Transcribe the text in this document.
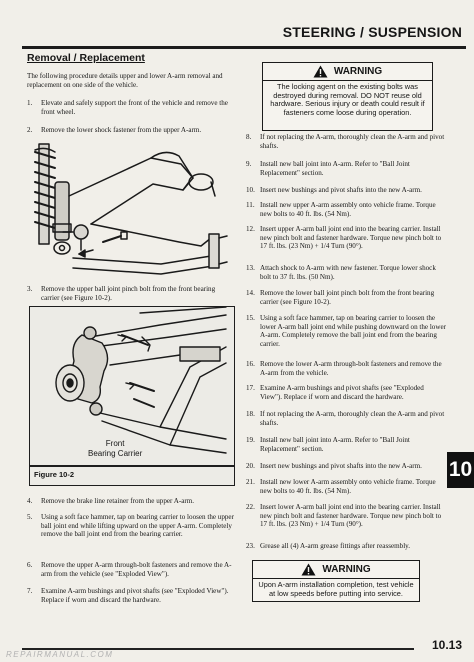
STEERING / SUSPENSION
Removal / Replacement
The following procedure details upper and lower A-arm removal and replacement on one side of the vehicle.
1. Elevate and safely support the front of the vehicle and remove the front wheel.
2. Remove the lower shock fastener from the upper A-arm.
3. Remove the upper ball joint pinch bolt from the front bearing carrier (see Figure 10-2).
Front
Bearing Carrier
Figure 10-2
4. Remove the brake line retainer from the upper A-arm.
5. Using a soft face hammer, tap on bearing carrier to loosen the upper ball joint end while lifting upward on the upper A-arm. Completely remove the ball joint end from the bearing carrier.
6. Remove the upper A-arm through-bolt fasteners and remove the A-arm from the vehicle (see "Exploded View").
7. Examine A-arm bushings and pivot shafts (see "Exploded View"). Replace if worn and discard the hardware.
WARNING
The locking agent on the existing bolts was destroyed during removal. DO NOT reuse old hardware. Serious injury or death could result if fasteners come loose during operation.
8. If not replacing the A-arm, thoroughly clean the A-arm and pivot shafts.
9. Install new ball joint into A-arm. Refer to "Ball Joint Replacement" section.
10. Insert new bushings and pivot shafts into the new A-arm.
11. Install new upper A-arm assembly onto vehicle frame. Torque new bolts to 40 ft. lbs. (54 Nm).
12. Insert upper A-arm ball joint end into the bearing carrier. Install new pinch bolt and fastener hardware. Torque new pinch bolt to 17 ft. lbs. (23 Nm) + 1/4 Turn (90°).
13. Attach shock to A-arm with new fastener. Torque lower shock bolt to 37 ft. lbs. (50 Nm).
14. Remove the lower ball joint pinch bolt from the front bearing carrier (see Figure 10-2).
15. Using a soft face hammer, tap on bearing carrier to loosen the lower A-arm ball joint end while pushing downward on the lower A-arm. Completely remove the ball joint end from the bearing carrier.
16. Remove the lower A-arm through-bolt fasteners and remove the A-arm from the vehicle.
17. Examine A-arm bushings and pivot shafts (see "Exploded View"). Replace if worn and discard the hardware.
18. If not replacing the A-arm, thoroughly clean the A-arm and pivot shafts.
19. Install new ball joint into A-arm. Refer to "Ball Joint Replacement" section.
20. Insert new bushings and pivot shafts into the new A-arm.
21. Install new lower A-arm assembly onto vehicle frame. Torque new bolts to 40 ft. lbs. (54 Nm).
22. Insert lower A-arm ball joint end into the bearing carrier. Install new pinch bolt and fastener hardware. Torque new pinch bolt to 17 ft. lbs. (23 Nm) + 1/4 Turn (90°).
23. Grease all (4) A-arm grease fittings after reassembly.
WARNING
Upon A-arm installation completion, test vehicle at low speeds before putting into service.
10
10.13
REPAIRMANUAL.COM
